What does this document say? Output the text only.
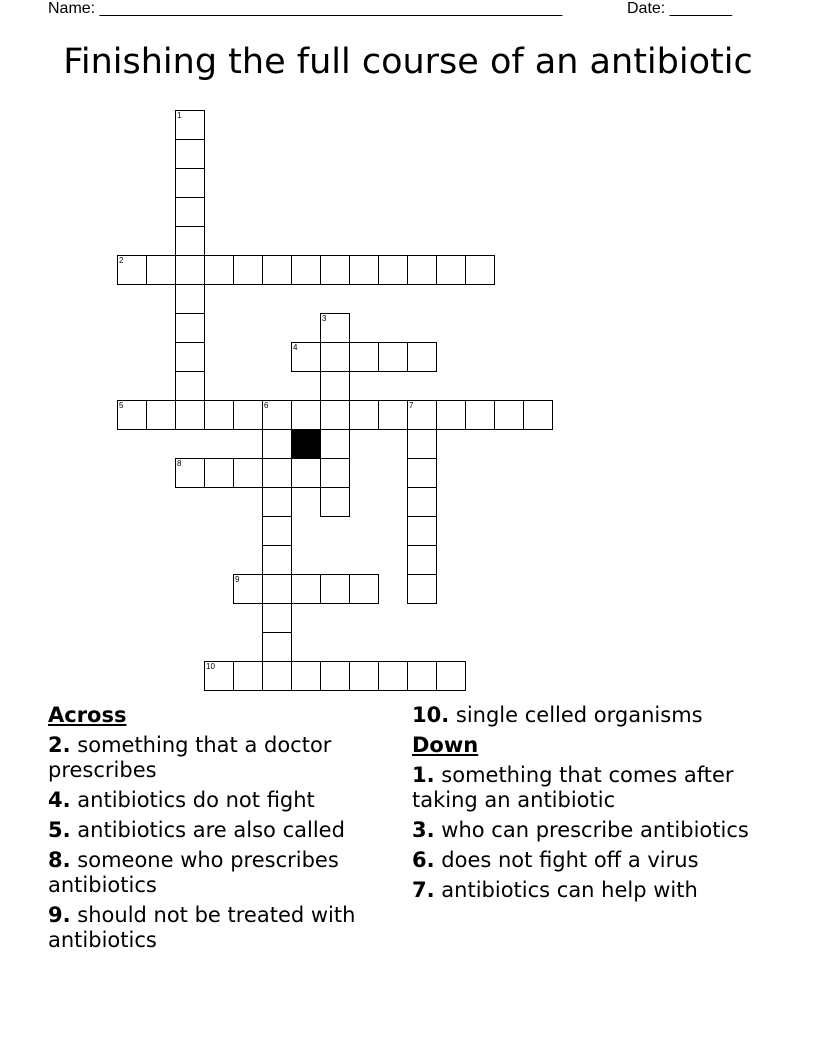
Name: ____________________________________________________	Date: _______
Finishing the full course of an antibiotic
1
2
3
4
5	6	7
8
9
10
Across
2. something that a doctor prescribes
4. antibiotics do not fight
5. antibiotics are also called
8. someone who prescribes antibiotics
9. should not be treated with antibiotics
10. single celled organisms
Down
1. something that comes after taking an antibiotic
3. who can prescribe antibiotics
6. does not fight off a virus
7. antibiotics can help with
